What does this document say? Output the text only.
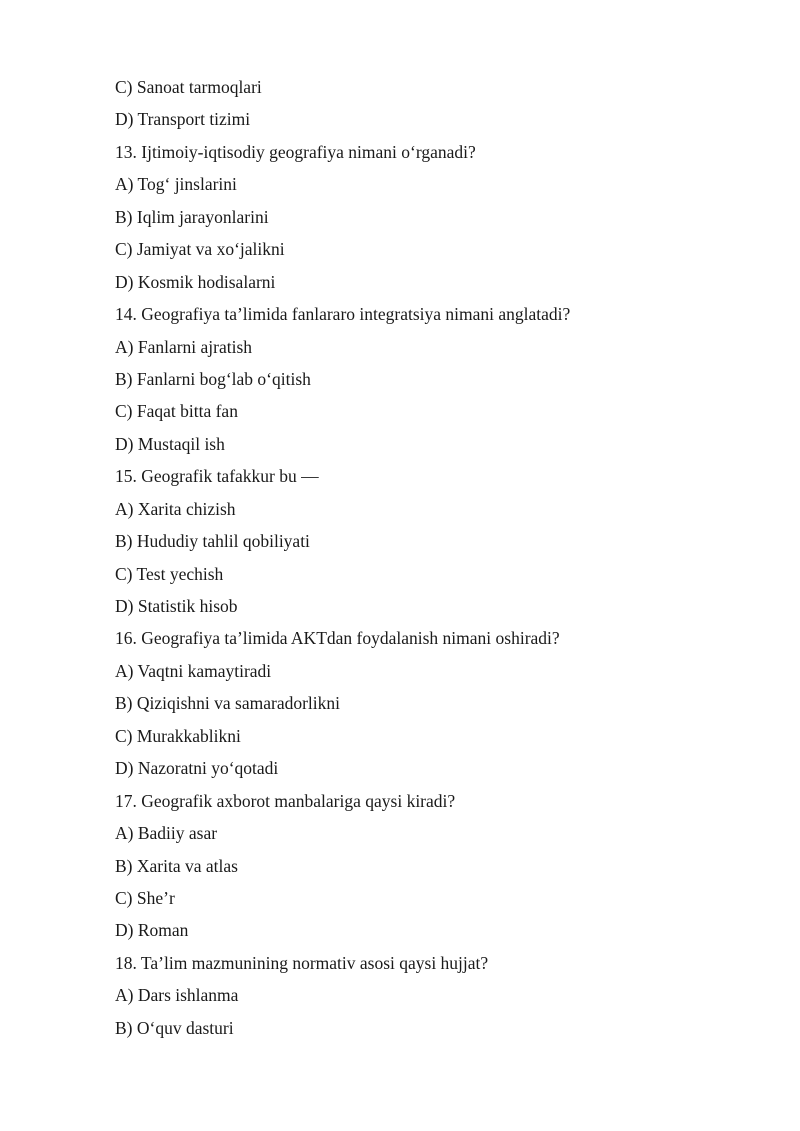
C) Sanoat tarmoqlari
D) Transport tizimi
13. Ijtimoiy-iqtisodiy geografiya nimani o‘rganadi?
A) Tog‘ jinslarini
B) Iqlim jarayonlarini
C) Jamiyat va xo‘jalikni
D) Kosmik hodisalarni
14. Geografiya ta’limida fanlararo integratsiya nimani anglatadi?
A) Fanlarni ajratish
B) Fanlarni bog‘lab o‘qitish
C) Faqat bitta fan
D) Mustaqil ish
15. Geografik tafakkur bu —
A) Xarita chizish
B) Hududiy tahlil qobiliyati
C) Test yechish
D) Statistik hisob
16. Geografiya ta’limida AKTdan foydalanish nimani oshiradi?
A) Vaqtni kamaytiradi
B) Qiziqishni va samaradorlikni
C) Murakkablikni
D) Nazoratni yo‘qotadi
17. Geografik axborot manbalariga qaysi kiradi?
A) Badiiy asar
B) Xarita va atlas
C) She’r
D) Roman
18. Ta’lim mazmunining normativ asosi qaysi hujjat?
A) Dars ishlanma
B) O‘quv dasturi
